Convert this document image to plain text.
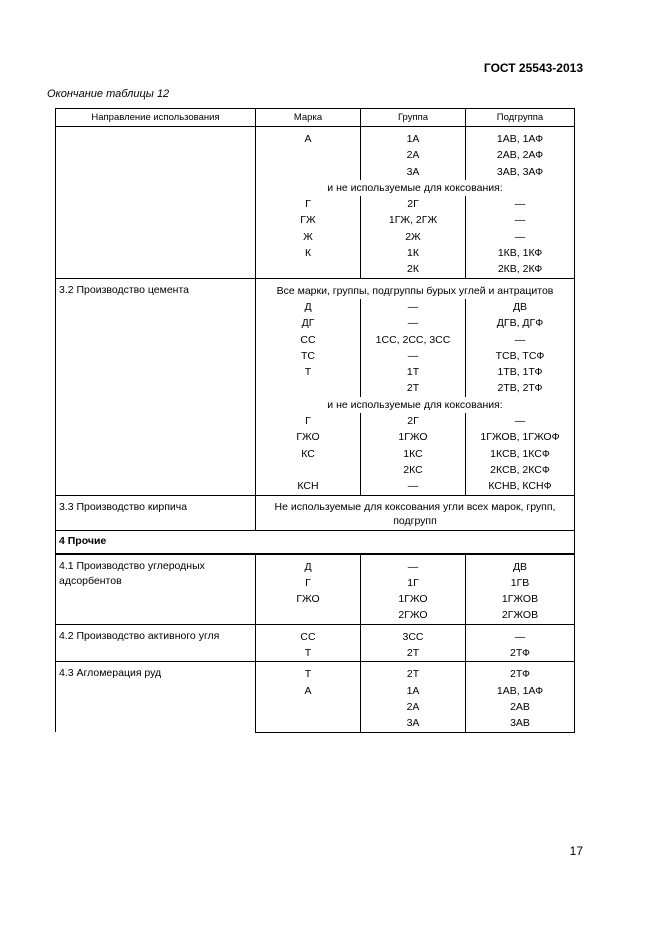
ГОСТ 25543-2013
Окончание таблицы 12
Направление использования	Марка	Группа	Подгруппа
	А	1А	1АВ, 1АФ
		2А	2АВ, 2АФ
		3А	3АВ, 3АФ
	и не используемые для коксования:		
	Г	2Г	—
	ГЖ	1ГЖ, 2ГЖ	—
	Ж	2Ж	—
	К	1К	1КВ, 1КФ
		2К	2КВ, 2КФ
3.2 Производство цемента	Все марки, группы, подгруппы бурых углей и антрацитов		
	Д	—	ДВ
	ДГ	—	ДГВ, ДГФ
	СС	1СС, 2СС, 3СС	—
	ТС	—	ТСВ, ТСФ
	Т	1Т	1ТВ, 1ТФ
		2Т	2ТВ, 2ТФ
	и не используемые для коксования:		
	Г	2Г	—
	ГЖО	1ГЖО	1ГЖОВ, 1ГЖОФ
	КС	1КС	1КСВ, 1КСФ
		2КС	2КСВ, 2КСФ
	КСН	—	КСНВ, КСНФ
3.3 Производство кирпича	Не используемые для коксования угли всех марок, групп, подгрупп		
4 Прочие			
4.1 Производство углеродных адсорбентов	Д	—	ДВ
	Г	1Г	1ГВ
	ГЖО	1ГЖО	1ГЖОВ
		2ГЖО	2ГЖОВ
4.2 Производство активного угля	СС	3СС	—
	Т	2Т	2ТФ
4.3 Агломерация руд	Т	2Т	2ТФ
	А	1А	1АВ, 1АФ
		2А	2АВ
		3А	3АВ
17
